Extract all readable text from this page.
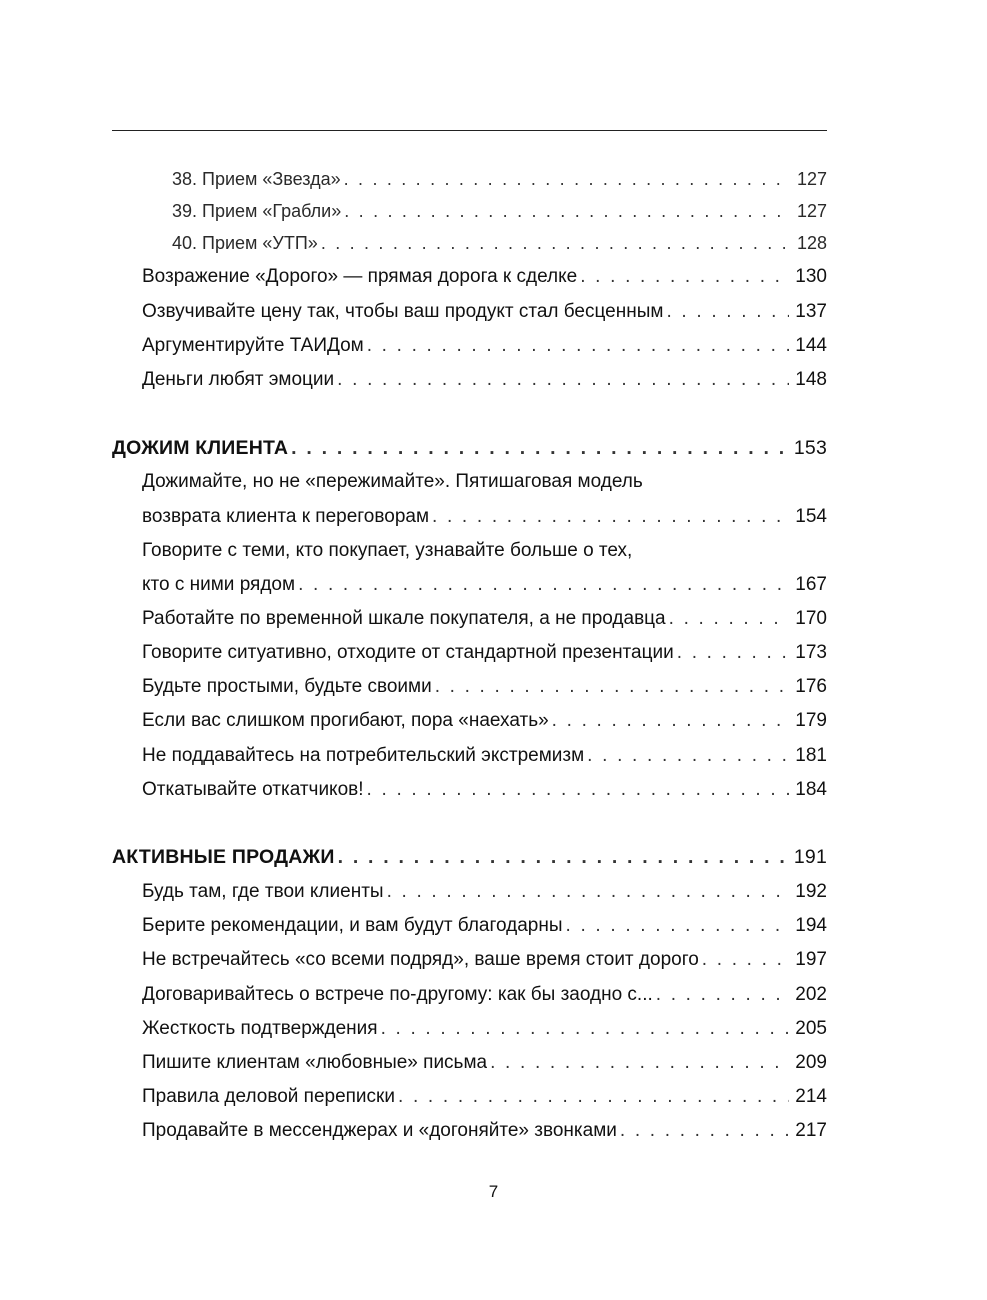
38. Прием «Звезда» . . .	127
39. Прием «Грабли» . . .	127
40. Прием «УТП» . . .	128
Возражение «Дорого» — прямая дорога к сделке . . .	130
Озвучивайте цену так, чтобы ваш продукт стал бесценным . . .	137
Аргументируйте ТАИДом . . .	144
Деньги любят эмоции . . .	148
ДОЖИМ КЛИЕНТА . . .	153
Дожимайте, но не «пережимайте». Пятишаговая модель
возврата клиента к переговорам . . .	154
Говорите с теми, кто покупает, узнавайте больше о тех,
кто с ними рядом . . .	167
Работайте по временной шкале покупателя, а не продавца . . .	170
Говорите ситуативно, отходите от стандартной презентации . . .	173
Будьте простыми, будьте своими . . .	176
Если вас слишком прогибают, пора «наехать» . . .	179
Не поддавайтесь на потребительский экстремизм . . .	181
Откатывайте откатчиков! . . .	184
АКТИВНЫЕ ПРОДАЖИ . . .	191
Будь там, где твои клиенты . . .	192
Берите рекомендации, и вам будут благодарны . . .	194
Не встречайтесь «со всеми подряд», ваше время стоит дорого . . .	197
Договаривайтесь о встрече по-другому: как бы заодно с... . . .	202
Жесткость подтверждения . . .	205
Пишите клиентам «любовные» письма . . .	209
Правила деловой переписки . . .	214
Продавайте в мессенджерах и «догоняйте» звонками . . .	217
7
